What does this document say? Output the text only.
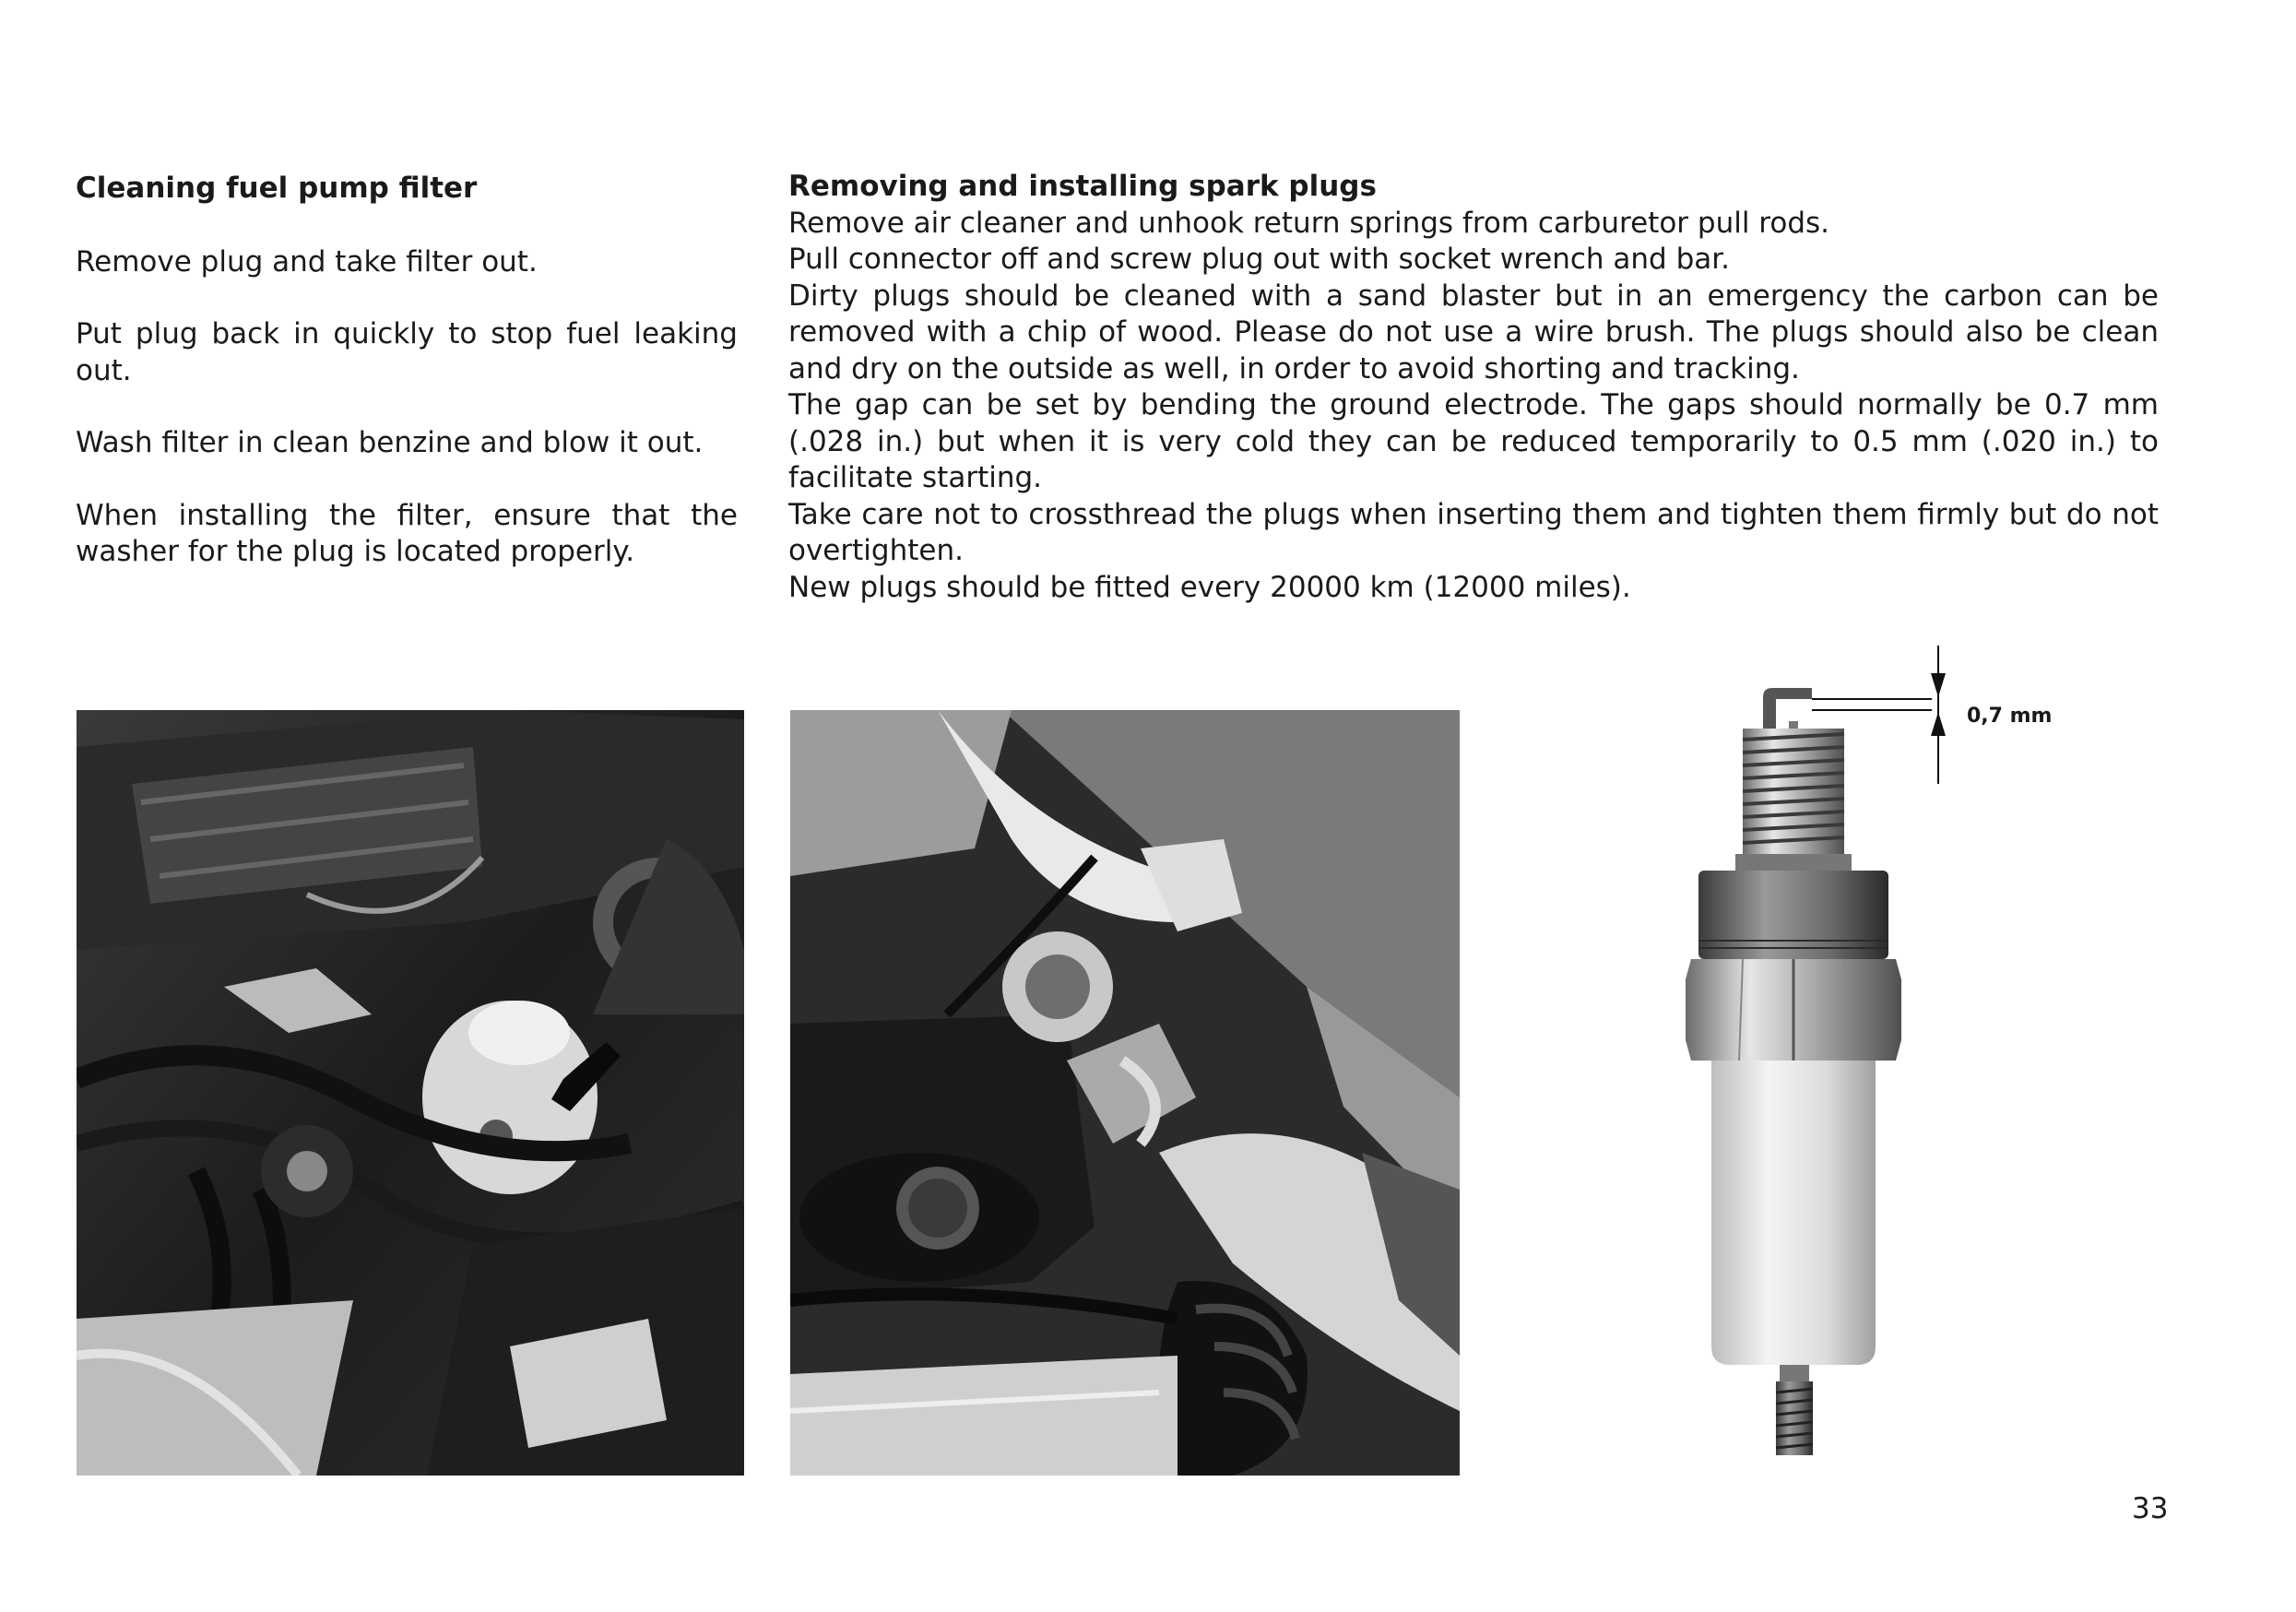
Cleaning fuel pump filter

Remove plug and take filter out.

Put plug back in quickly to stop fuel leaking out.

Wash filter in clean benzine and blow it out.

When installing the filter, ensure that the washer for the plug is located properly.

Removing and installing spark plugs

Remove air cleaner and unhook return springs from carburetor pull rods.

Pull connector off and screw plug out with socket wrench and bar.

Dirty plugs should be cleaned with a sand blaster but in an emergency the carbon can be removed with a chip of wood. Please do not use a wire brush. The plugs should also be clean and dry on the outside as well, in order to avoid shorting and tracking.

The gap can be set by bending the ground electrode. The gaps should normally be 0.7 mm (.028 in.) but when it is very cold they can be reduced temporarily to 0.5 mm (.020 in.) to facilitate starting.

Take care not to crossthread the plugs when inserting them and tighten them firmly but do not overtighten.

New plugs should be fitted every 20000 km (12000 miles).

0,7 mm
33
